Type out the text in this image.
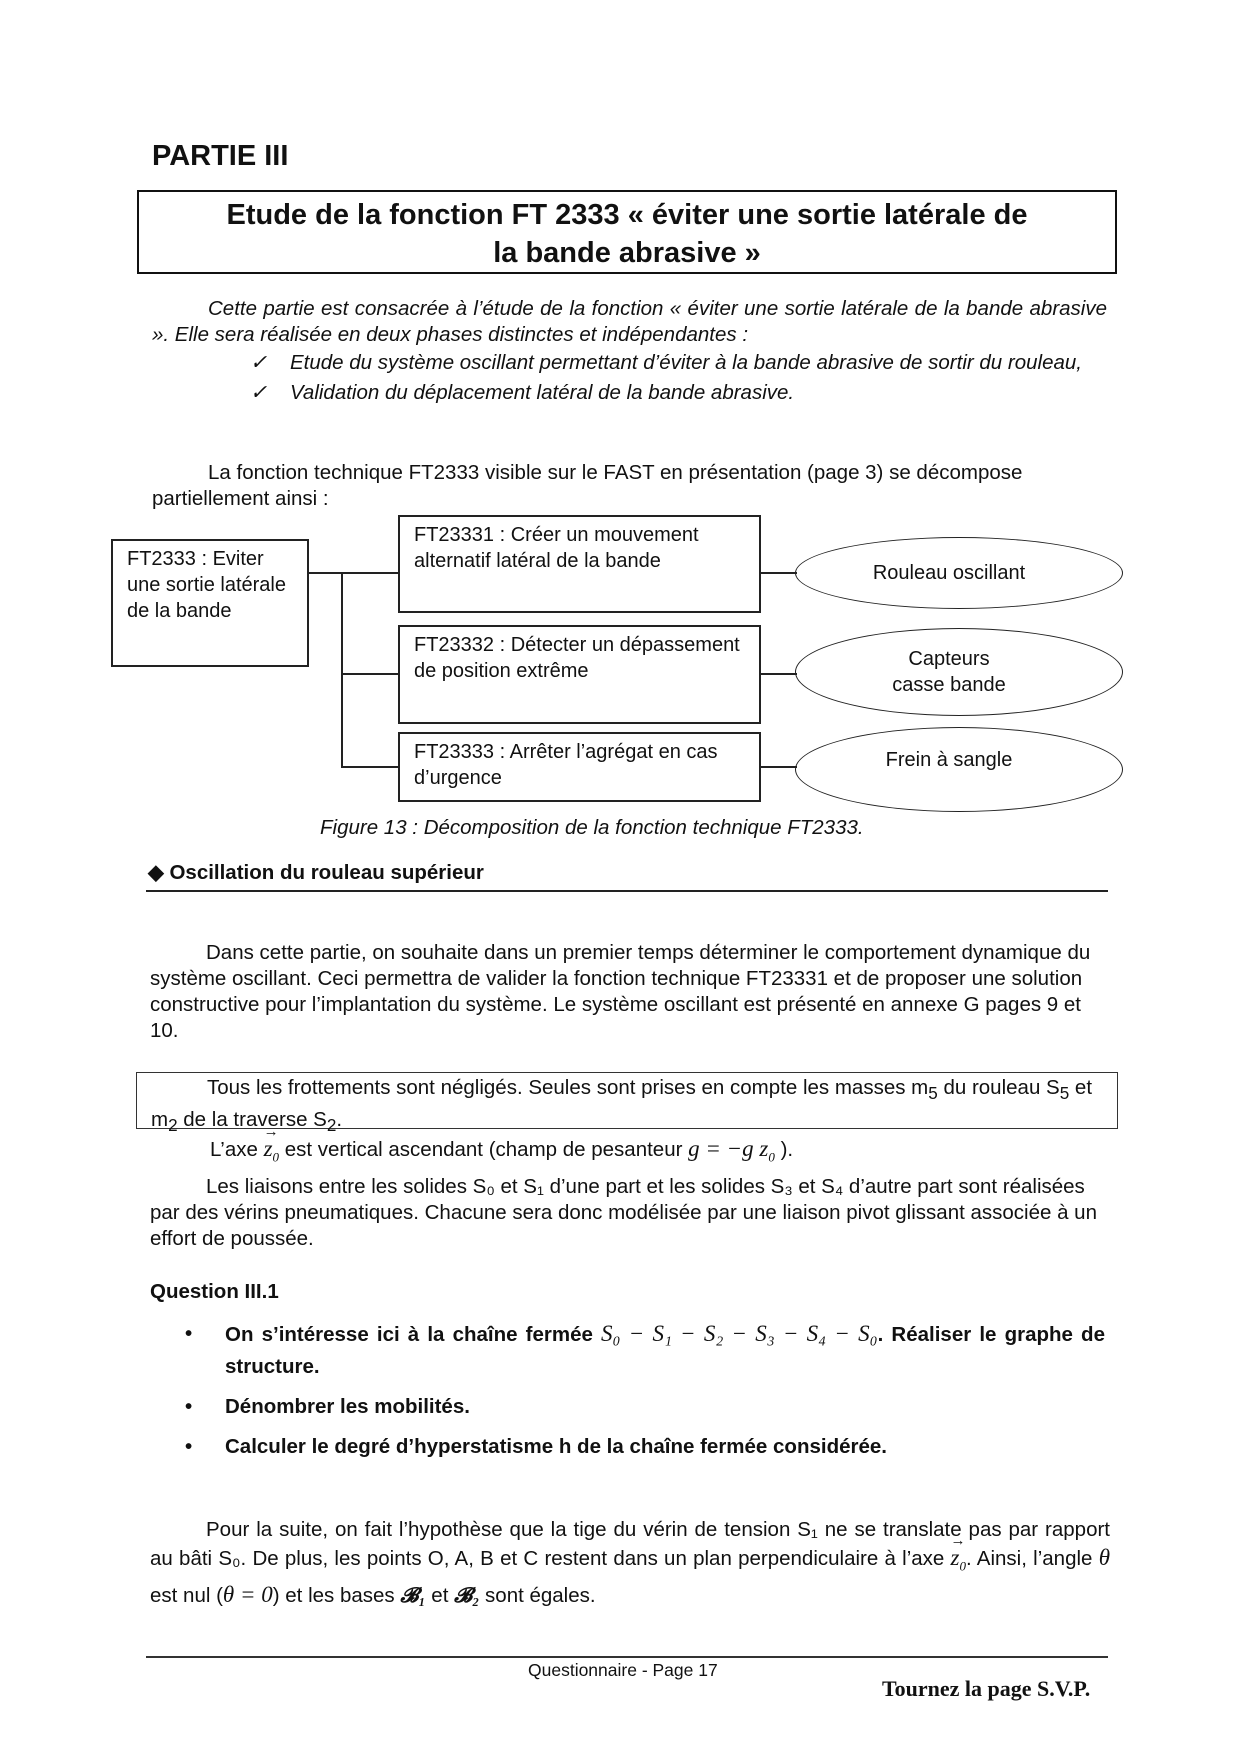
PARTIE III
Etude de la fonction FT 2333 « éviter une sortie latérale de
la bande abrasive »
Cette partie est consacrée à l’étude de la fonction « éviter une sortie latérale de la bande abrasive ». Elle sera réalisée en deux phases distinctes et indépendantes :
✓	Etude du système oscillant permettant d’éviter à la bande abrasive de sortir du rouleau,
✓	Validation du déplacement latéral de la bande abrasive.
La fonction technique FT2333 visible sur le FAST en présentation (page 3) se décompose partiellement ainsi :
FT2333 : Eviter une sortie latérale de la bande
FT23331 : Créer un mouvement alternatif latéral de la bande
FT23332 : Détecter un dépassement de position extrême
FT23333 : Arrêter l’agrégat en cas d’urgence
Rouleau oscillant
Capteurs casse bande
Frein à sangle
Figure 13 : Décomposition de la fonction technique FT2333.
◆ Oscillation du rouleau supérieur
Dans cette partie, on souhaite dans un premier temps déterminer le comportement dynamique du système oscillant. Ceci permettra de valider la fonction technique FT23331 et de proposer une solution constructive pour l’implantation du système. Le système oscillant est présenté en annexe G pages 9 et 10.
Tous les frottements sont négligés. Seules sont prises en compte les masses $m_5$ du rouleau $S_5$ et $m_2$ de la traverse $S_2$.
L’axe → $z_0$ est vertical ascendant (champ de pesanteur g = −g $z_0$ ).
Les liaisons entre les solides S₀ et S₁ d’une part et les solides S₃ et S₄ d’autre part sont réalisées par des vérins pneumatiques. Chacune sera donc modélisée par une liaison pivot glissant associée à un effort de poussée.
Question III.1
•	On s’intéresse ici à la chaîne fermée S₀ − S₁ − S₂ − S₃ − S₄ − S₀. Réaliser le graphe de structure.
•	Dénombrer les mobilités.
•	Calculer le degré d’hyperstatisme h de la chaîne fermée considérée.
Pour la suite, on fait l’hypothèse que la tige du vérin de tension S₁ ne se translate pas par rapport au bâti S₀. De plus, les points O, A, B et C restent dans un plan perpendiculaire à l’axe → $z_0$. Ainsi, l’angle θ est nul (θ = 0) et les bases 𝓑₁ et 𝓑₂ sont égales.
Questionnaire - Page 17
Tournez la page S.V.P.
